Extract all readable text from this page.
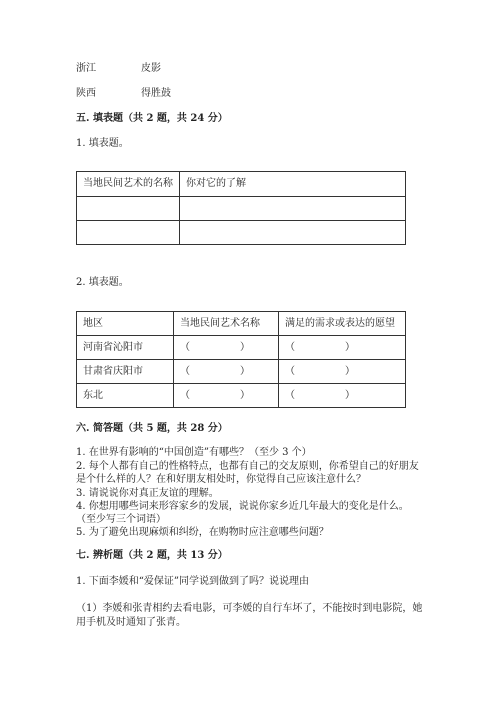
浙江	皮影
陕西	得胜鼓
五. 填表题（共 2 题，共 24 分）
1. 填表题。
当地民间艺术的名称	你对它的了解

2. 填表题。
地区	当地民间艺术名称	满足的需求或表达的愿望
河南省沁阳市	（ ）	（ ）

甘肃省庆阳市	（ ）	（ ）

东北	（ ）	（ ）
六. 简答题（共 5 题，共 28 分）
1. 在世界有影响的“中国创造”有哪些？（至少 3 个）
2. 每个人都有自己的性格特点，也都有自己的交友原则，你希望自己的好朋友
是个什么样的人？在和好朋友相处时，你觉得自己应该注意什么？
3. 请说说你对真正友谊的理解。
4. 你想用哪些词来形容家乡的发展，说说你家乡近几年最大的变化是什么。
（至少写三个词语）
5. 为了避免出现麻烦和纠纷，在购物时应注意哪些问题？
七. 辨析题（共 2 题，共 13 分）
1. 下面李媛和“爱保证”同学说到做到了吗？说说理由
（1）李媛和张青相约去看电影，可李媛的自行车坏了，不能按时到电影院，她
用手机及时通知了张青。
